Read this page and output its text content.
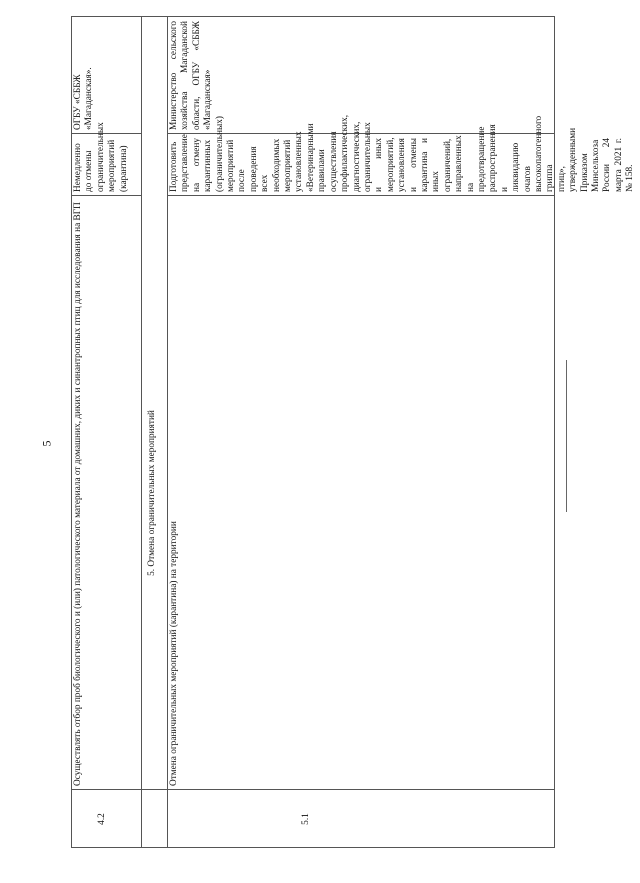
5
4.2
Осуществлять отбор проб биологического и (или) патологического материала от домашних, диких и синантропных птиц для исследования на ВГП
Немедленно до отмены ограничительных мероприятий (карантина)
ОГБУ «СББЖ «Магаданская».
5. Отмена ограничительных мероприятий
5.1
Отмена ограничительных мероприятий (карантина) на территории
Подготовить представление на отмену карантинных (ограничительных) мероприятий после проведения всех необходимых мероприятий установленных «Ветеринарными правилами осуществления профилактических, диагностических, ограничительных и иных мероприятий, установления и отмены карантина и иных ограничений, направленных на предотвращение распространения и ликвидацию очагов высокопатогенного гриппа птиц», утвержденными Приказом Минсельхоза России 24 марта 2021 г. № 158.
Министерство сельского хозяйства Магаданской области, ОГБУ «СББЖ «Магаданская»
